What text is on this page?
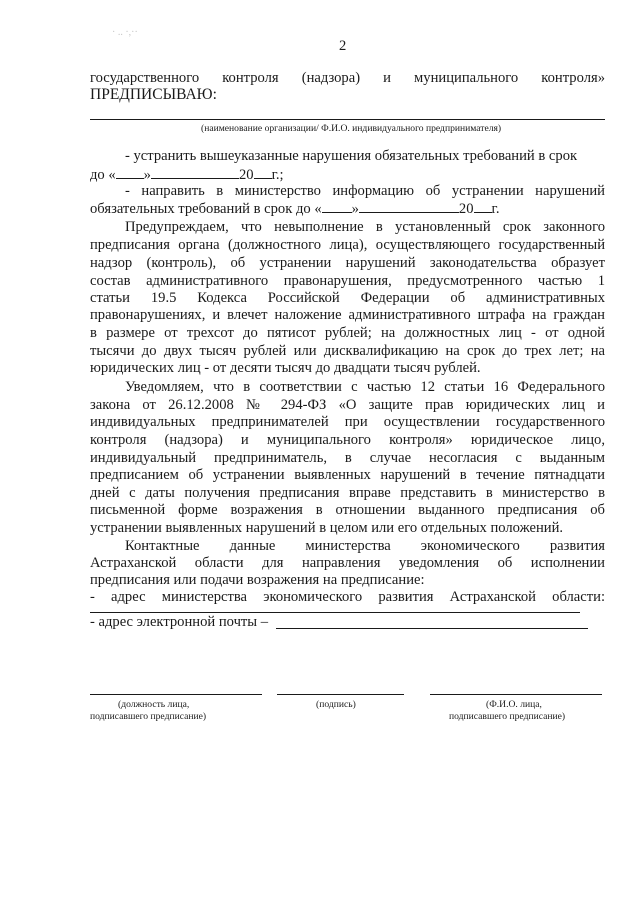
· .. ·,··
2
государственного контроля (надзора) и муниципального контроля»
ПРЕДПИСЫВАЮ:
(наименование организации/ Ф.И.О. индивидуального предпринимателя)
- устранить вышеуказанные нарушения обязательных требований в срок
до « »	20 г.;
- направить в министерство информацию об устранении нарушений
обязательных требований в срок до « »	20 г.
Предупреждаем, что невыполнение в установленный срок законного
предписания органа (должностного лица), осуществляющего государственный
надзор (контроль), об устранении нарушений законодательства образует
состав административного правонарушения, предусмотренного частью 1
статьи 19.5 Кодекса Российской Федерации об административных
правонарушениях, и влечет наложение административного штрафа на граждан
в размере от трехсот до пятисот рублей; на должностных лиц - от одной
тысячи до двух тысяч рублей или дисквалификацию на срок до трех лет; на
юридических лиц - от десяти тысяч до двадцати тысяч рублей.
Уведомляем, что в соответствии с частью 12 статьи 16 Федерального
закона от 26.12.2008 № 294-ФЗ «О защите прав юридических лиц и
индивидуальных предпринимателей при осуществлении государственного
контроля (надзора) и муниципального контроля» юридическое лицо,
индивидуальный предприниматель, в случае несогласия с выданным
предписанием об устранении выявленных нарушений в течение пятнадцати
дней с даты получения предписания вправе представить в министерство в
письменной форме возражения в отношении выданного предписания об
устранении выявленных нарушений в целом или его отдельных положений.
Контактные данные министерства экономического развития
Астраханской области для направления уведомления об исполнении
предписания или подачи возражения на предписание:
- адрес министерства экономического развития Астраханской области:
- адрес электронной почты –
(должность лица,
подписавшего предписание)
(подпись)	(Ф.И.О. лица,
подписавшего предписание)
